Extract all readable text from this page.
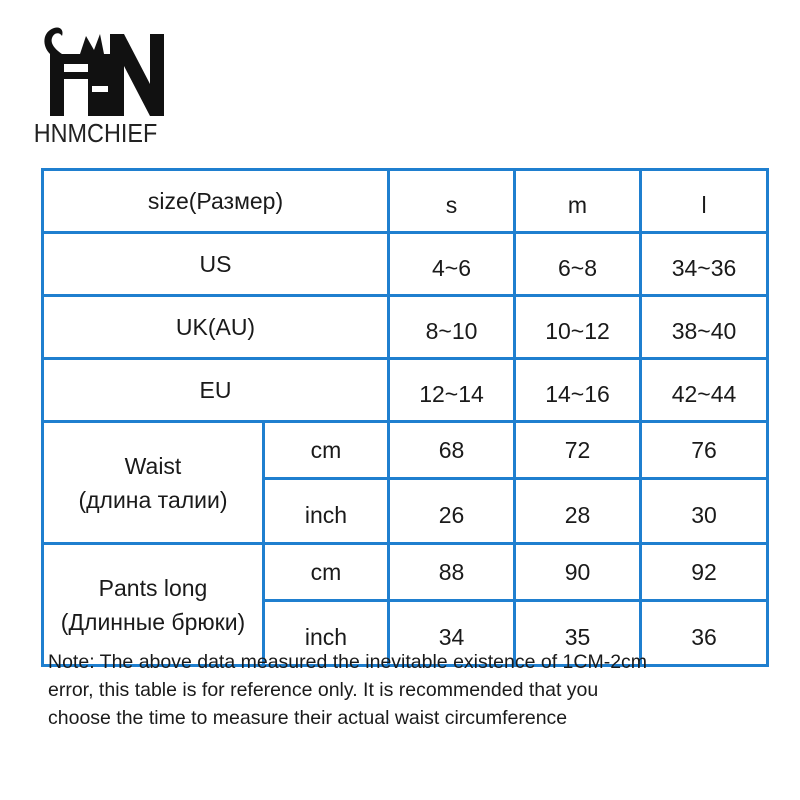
HNMCHIEF
size(Размер)		s	m	l
US		4~6	6~8	34~36
UK(AU)		8~10	10~12	38~40
EU		12~14	14~16	42~44

Waist
(длина талии)	cm	68	72	76
	inch	26	28	30

Pants long
(Длинные брюки)	cm	88	90	92
	inch	34	35	36
Note: The above data measured the inevitable existence of 1CM-2cm
error, this table is for reference only. It is recommended that you
choose the time to measure their actual waist circumference
